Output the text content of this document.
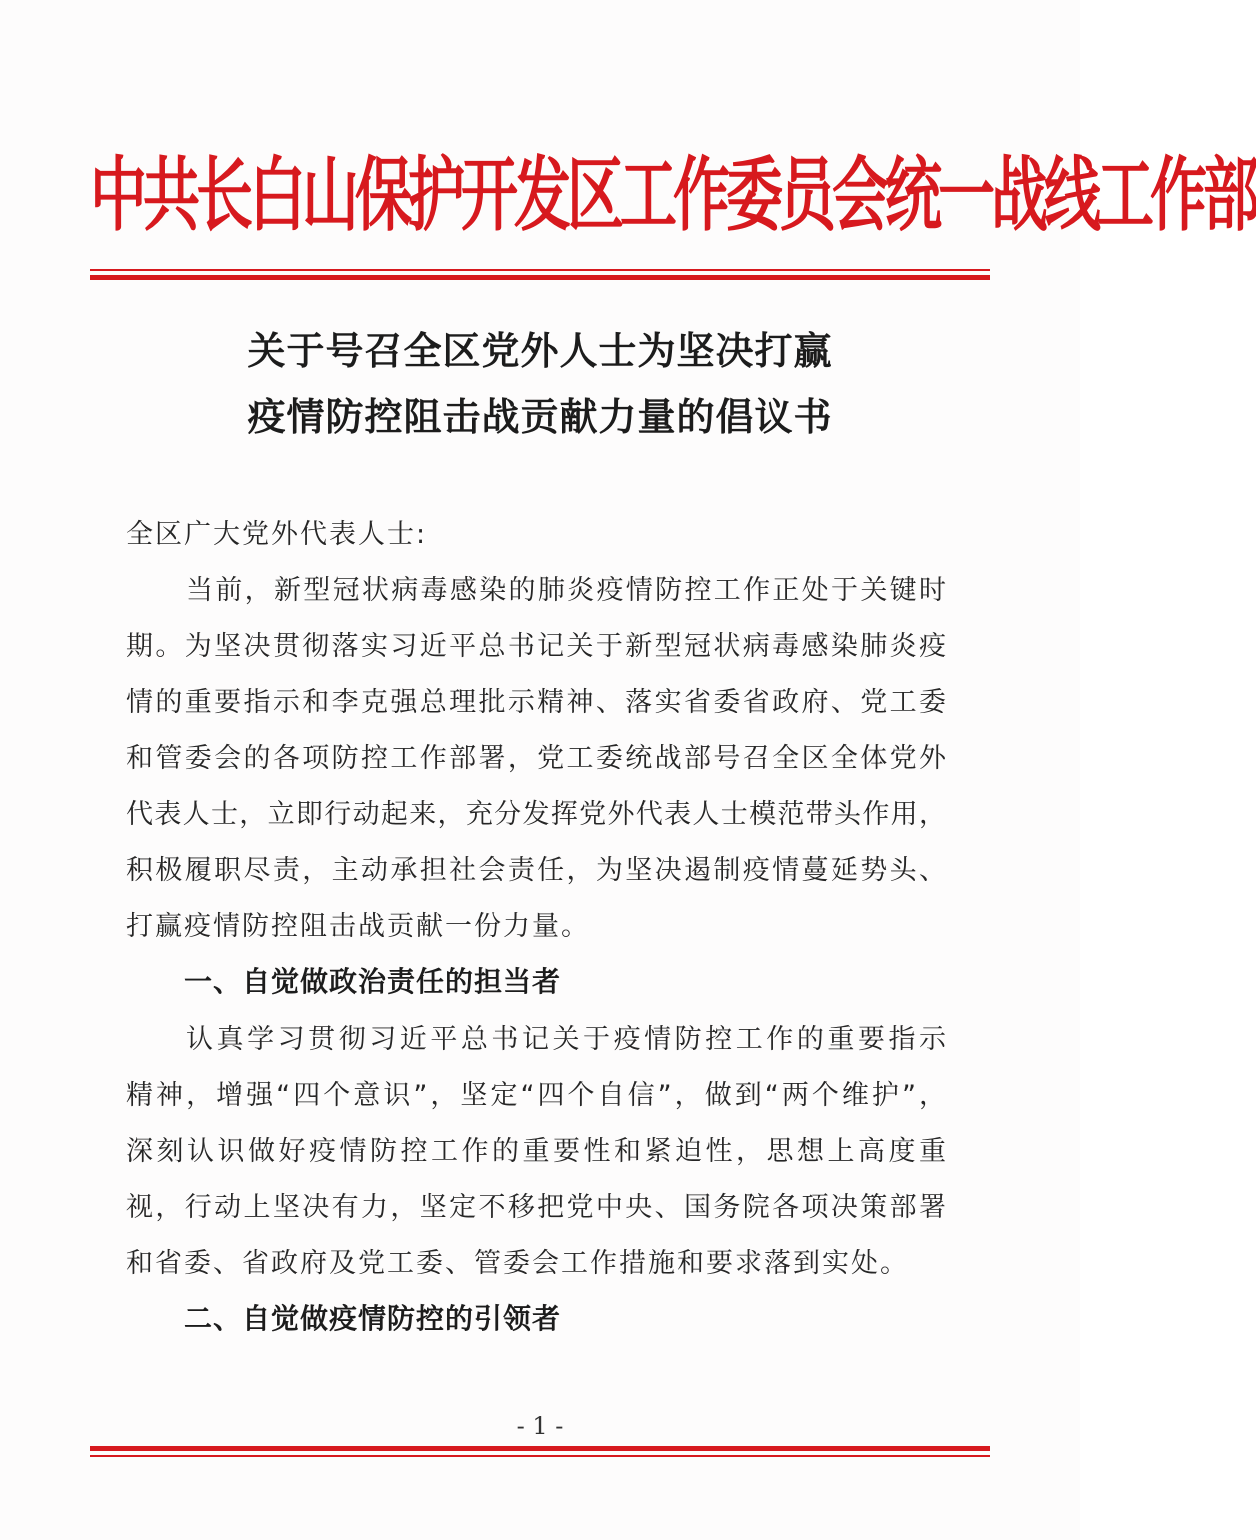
中共长白山保护开发区工作委员会统一战线工作部
关于号召全区党外人士为坚决打赢
疫情防控阻击战贡献力量的倡议书
全区广大党外代表人士:
当前，新型冠状病毒感染的肺炎疫情防控工作正处于关键时
期。为坚决贯彻落实习近平总书记关于新型冠状病毒感染肺炎疫
情的重要指示和李克强总理批示精神、落实省委省政府、党工委
和管委会的各项防控工作部署，党工委统战部号召全区全体党外
代表人士，立即行动起来，充分发挥党外代表人士模范带头作用，
积极履职尽责，主动承担社会责任，为坚决遏制疫情蔓延势头、
打赢疫情防控阻击战贡献一份力量。
一、自觉做政治责任的担当者
认真学习贯彻习近平总书记关于疫情防控工作的重要指示
精神，增强“四个意识”，坚定“四个自信”，做到“两个维护”，
深刻认识做好疫情防控工作的重要性和紧迫性，思想上高度重
视，行动上坚决有力，坚定不移把党中央、国务院各项决策部署
和省委、省政府及党工委、管委会工作措施和要求落到实处。
二、自觉做疫情防控的引领者
- 1 -
